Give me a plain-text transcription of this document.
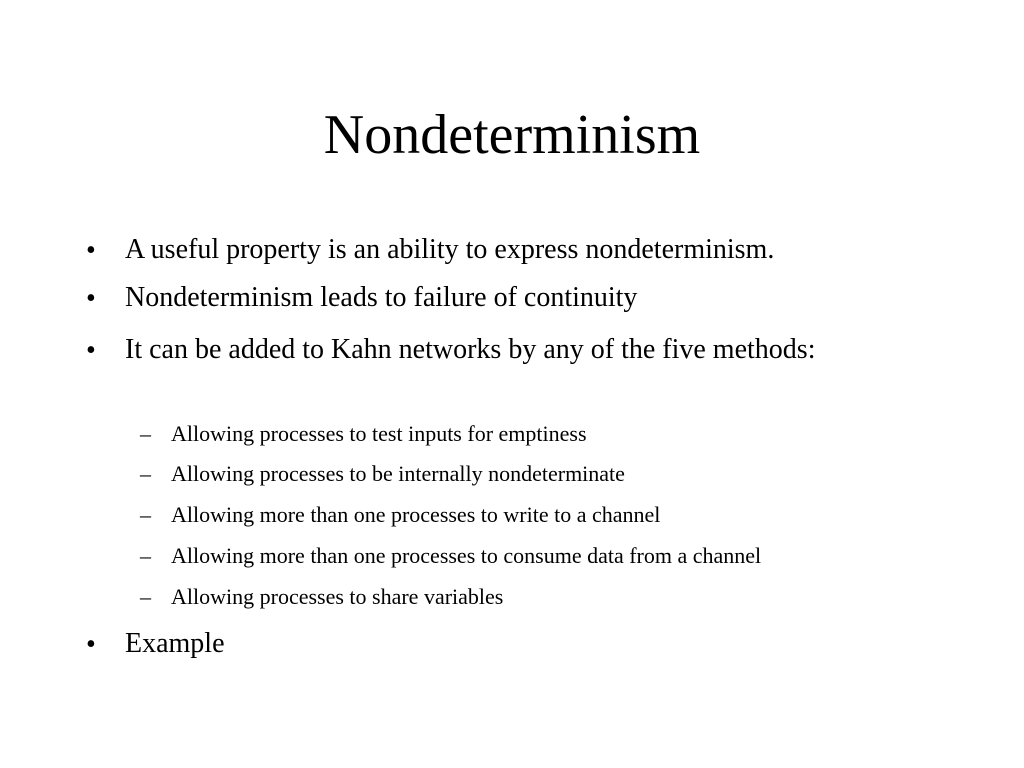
Nondeterminism
• A useful property is an ability to express nondeterminism.
• Nondeterminism leads to failure of continuity
• It can be added to Kahn networks by any of the five methods:
– Allowing processes to test inputs for emptiness
– Allowing processes to be internally nondeterminate
– Allowing more than one processes to write to a channel
– Allowing more than one processes to consume data from a channel
– Allowing processes to share variables
• Example
